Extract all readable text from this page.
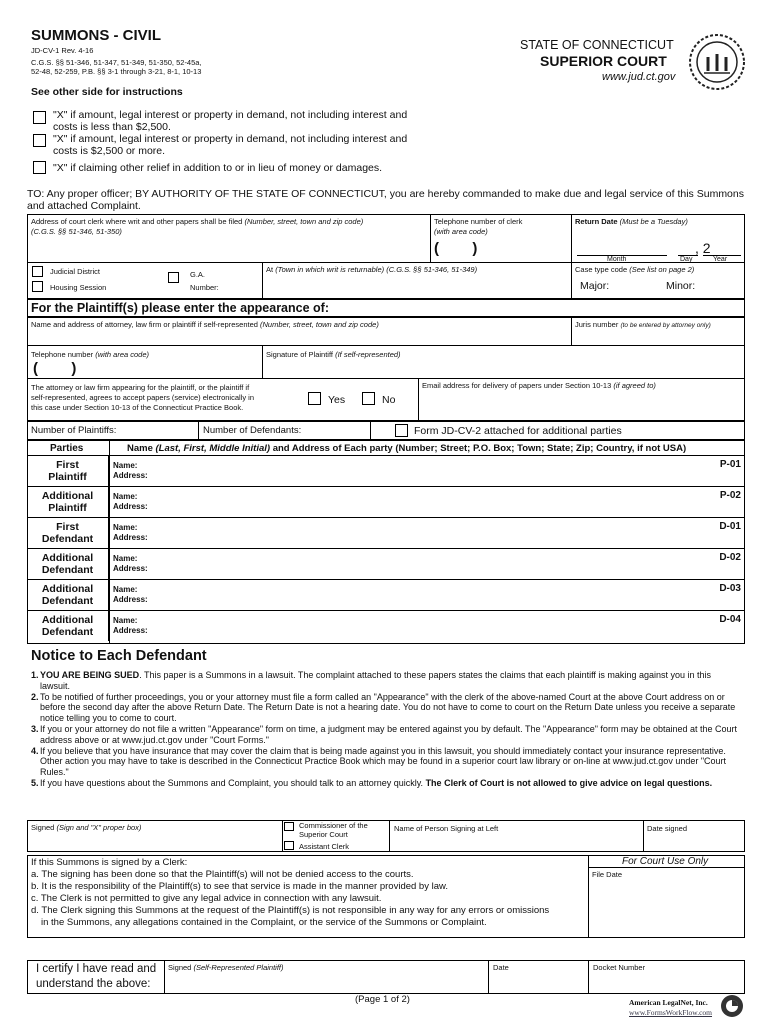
SUMMONS - CIVIL
JD-CV-1 Rev. 4-16
C.G.S. §§ 51-346, 51-347, 51-349, 51-350, 52-45a,
52-48, 52-259, P.B. §§ 3-1 through 3-21, 8-1, 10-13
STATE OF CONNECTICUT
SUPERIOR COURT
www.jud.ct.gov
See other side for instructions
"X" if amount, legal interest or property in demand, not including interest and
costs is less than $2,500.
"X" if amount, legal interest or property in demand, not including interest and
costs is $2,500 or more.
"X" if claiming other relief in addition to or in lieu of money or damages.
TO: Any proper officer; BY AUTHORITY OF THE STATE OF CONNECTICUT, you are hereby commanded to make due and legal service of this Summons and attached Complaint.
Address of court clerk where writ and other papers shall be filed (Number, street, town and zip code)
(C.G.S. §§ 51-346, 51-350)
Telephone number of clerk
(with area code)
(        )
Return Date (Must be a Tuesday)
, 2
Month	Day	Year
Judicial District
Housing Session
G.A.
Number:
At (Town in which writ is returnable) (C.G.S. §§ 51-346, 51-349)	Case type code (See list on page 2)
Major:	Minor:
For the Plaintiff(s) please enter the appearance of:
Name and address of attorney, law firm or plaintiff if self-represented (Number, street, town and zip code)	Juris number (to be entered by attorney only)
Telephone number (with area code)
(        )
Signature of Plaintiff (If self-represented)
The attorney or law firm appearing for the plaintiff, or the plaintiff if
self-represented, agrees to accept papers (service) electronically in
this case under Section 10-13 of the Connecticut Practice Book.
Yes	No
Email address for delivery of papers under Section 10-13 (if agreed to)
Number of Plaintiffs:	Number of Defendants:	Form JD-CV-2 attached for additional parties
Parties	Name (Last, First, Middle Initial) and Address of Each party (Number; Street; P.O. Box; Town; State; Zip; Country, if not USA)
First
Plaintiff
Name:
Address:
P-01
Additional
Plaintiff
Name:
Address:
P-02
First
Defendant
Name:
Address:
D-01
Additional
Defendant
Name:
Address:
D-02
Additional
Defendant
Name:
Address:
D-03
Additional
Defendant
Name:
Address:
D-04
Notice to Each Defendant
1. YOU ARE BEING SUED. This paper is a Summons in a lawsuit. The complaint attached to these papers states the claims that each plaintiff is making against you in this lawsuit.
2. To be notified of further proceedings, you or your attorney must file a form called an "Appearance" with the clerk of the above-named Court at the above Court address on or before the second day after the above Return Date. The Return Date is not a hearing date. You do not have to come to court on the Return Date unless you receive a separate notice telling you to come to court.
3. If you or your attorney do not file a written "Appearance" form on time, a judgment may be entered against you by default. The "Appearance" form may be obtained at the Court address above or at www.jud.ct.gov under "Court Forms."
4. If you believe that you have insurance that may cover the claim that is being made against you in this lawsuit, you should immediately contact your insurance representative. Other action you may have to take is described in the Connecticut Practice Book which may be found in a superior court law library or on-line at www.jud.ct.gov under "Court Rules."
5. If you have questions about the Summons and Complaint, you should talk to an attorney quickly. The Clerk of Court is not allowed to give advice on legal questions.
Signed (Sign and "X" proper box)	Commissioner of the
Superior Court
Assistant Clerk
Name of Person Signing at Left	Date signed
If this Summons is signed by a Clerk:
a. The signing has been done so that the Plaintiff(s) will not be denied access to the courts.
b. It is the responsibility of the Plaintiff(s) to see that service is made in the manner provided by law.
c. The Clerk is not permitted to give any legal advice in connection with any lawsuit.
d. The Clerk signing this Summons at the request of the Plaintiff(s) is not responsible in any way for any errors or omissions
in the Summons, any allegations contained in the Complaint, or the service of the Summons or Complaint.
For Court Use Only
File Date
I certify I have read and
understand the above:
Signed (Self-Represented Plaintiff)	Date	Docket Number
(Page 1 of 2)	American LegalNet, Inc.
www.FormsWorkFlow.com
